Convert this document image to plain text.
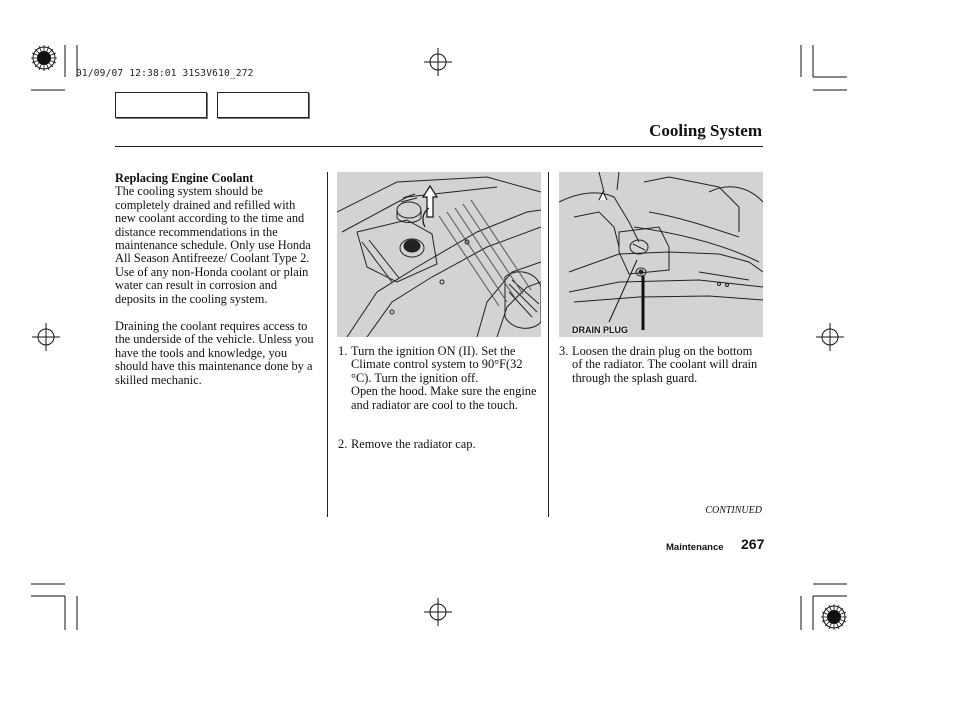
01/09/07 12:38:01 31S3V610_272
Cooling System
Replacing Engine Coolant

The cooling system should be completely drained and refilled with new coolant according to the time and distance recommendations in the maintenance schedule. Only use Honda All Season Antifreeze/ Coolant Type 2. Use of any non-Honda coolant or plain water can result in corrosion and deposits in the cooling system.

Draining the coolant requires access to the underside of the vehicle. Unless you have the tools and knowledge, you should have this maintenance done by a skilled mechanic.

DRAIN PLUG
1. Turn the ignition ON (II). Set the Climate control system to 90°F(32 °C). Turn the ignition off.
Open the hood. Make sure the engine and radiator are cool to the touch.
2. Remove the radiator cap.
3. Loosen the drain plug on the bottom of the radiator. The coolant will drain through the splash guard.
CONTINUED
Maintenance 267
